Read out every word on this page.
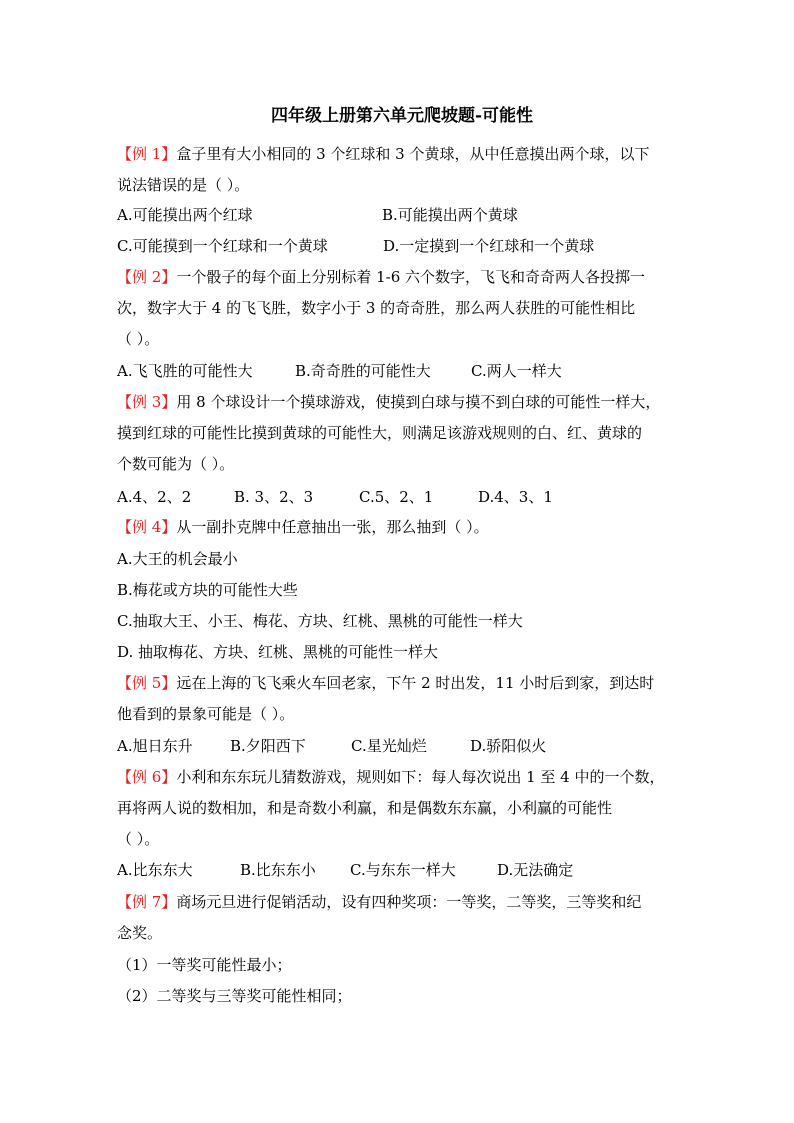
四年级上册第六单元爬坡题-可能性
【例 1】盒子里有大小相同的 3 个红球和 3 个黄球，从中任意摸出两个球，以下
说法错误的是（ ）。
A.可能摸出两个红球	B.可能摸出两个黄球
C.可能摸到一个红球和一个黄球	D.一定摸到一个红球和一个黄球
【例 2】一个骰子的每个面上分别标着 1-6 六个数字，飞飞和奇奇两人各投掷一
次，数字大于 4 的飞飞胜，数字小于 3 的奇奇胜，那么两人获胜的可能性相比
（ ）。
A.飞飞胜的可能性大	B.奇奇胜的可能性大	C.两人一样大
【例 3】用 8 个球设计一个摸球游戏，使摸到白球与摸不到白球的可能性一样大，
摸到红球的可能性比摸到黄球的可能性大，则满足该游戏规则的白、红、黄球的
个数可能为（ ）。
A.4、2、2	B. 3、2、3	C.5、2、1	D.4、3、1
【例 4】从一副扑克牌中任意抽出一张，那么抽到（ ）。
A.大王的机会最小
B.梅花或方块的可能性大些
C.抽取大王、小王、梅花、方块、红桃、黑桃的可能性一样大
D. 抽取梅花、方块、红桃、黑桃的可能性一样大
【例 5】远在上海的飞飞乘火车回老家，下午 2 时出发，11 小时后到家，到达时
他看到的景象可能是（ ）。
A.旭日东升 B.夕阳西下	C.星光灿烂	D.骄阳似火
【例 6】小利和东东玩儿猜数游戏，规则如下：每人每次说出 1 至 4 中的一个数，
再将两人说的数相加，和是奇数小利赢，和是偶数东东赢，小利赢的可能性
（ ）。
A.比东东大	B.比东东小 C.与东东一样大	D.无法确定
【例 7】商场元旦进行促销活动，设有四种奖项：一等奖，二等奖，三等奖和纪
念奖。
（1）一等奖可能性最小；
（2）二等奖与三等奖可能性相同；
